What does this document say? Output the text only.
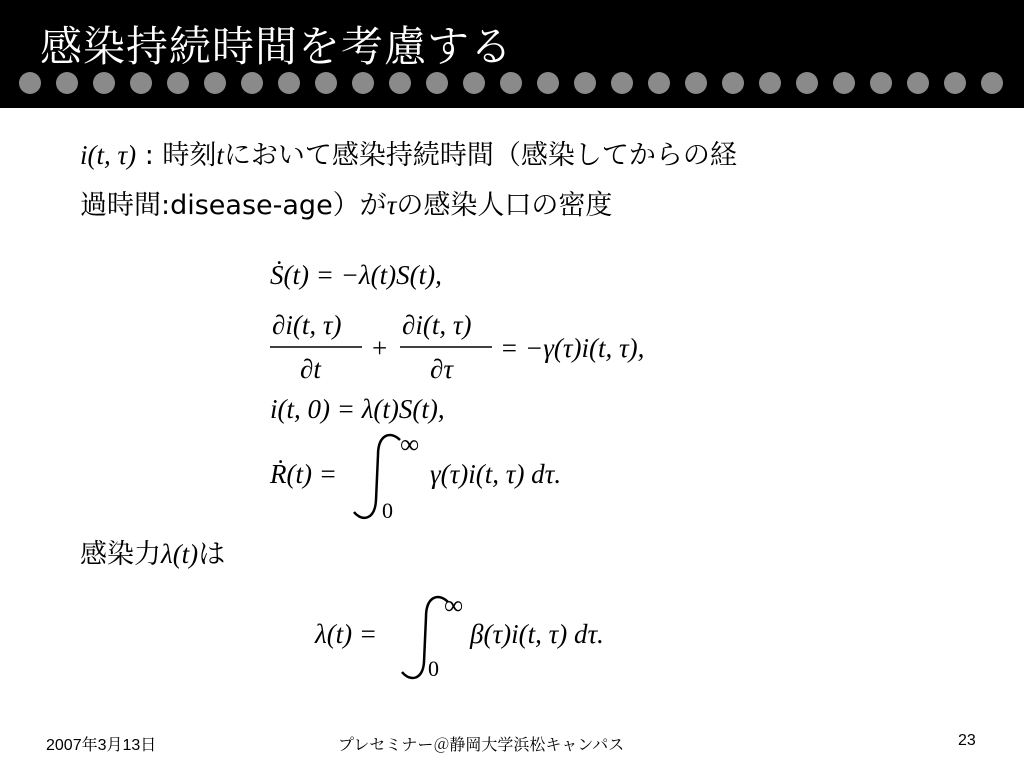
感染持続時間を考慮する
i(t, τ) : 時刻tにおいて感染持続時間（感染してからの経
過時間:disease-age）がτの感染人口の密度
Ṡ(t) = −λ(t)S(t),
∂i(t, τ)
∂t
+
∂i(t, τ)
∂τ
= −γ(τ)i(t, τ),
i(t, 0) = λ(t)S(t),
Ṙ(t) =
∞
0
γ(τ)i(t, τ) dτ.
感染力λ(t)は
λ(t) =
∞
0
β(τ)i(t, τ) dτ.
2007年3月13日	プレセミナー＠静岡大学浜松キャンパス	23
